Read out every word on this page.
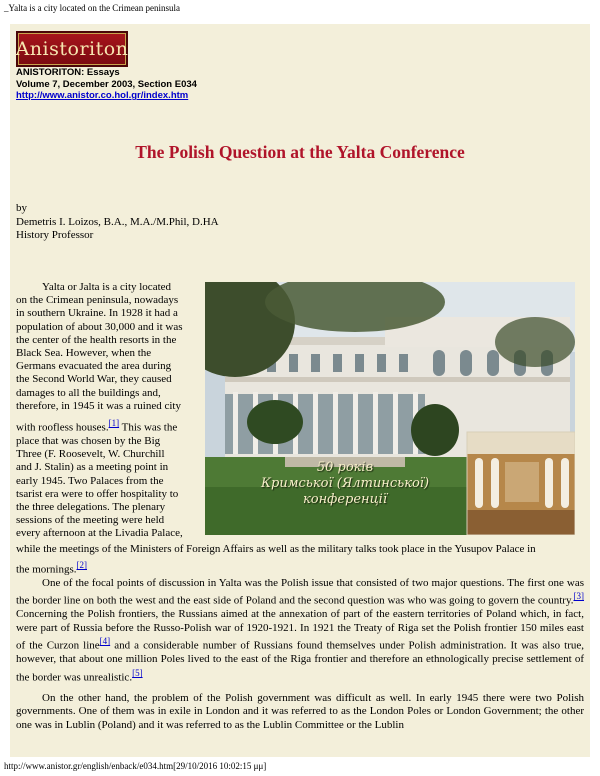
_Yalta is a city located on the Crimean peninsula
Anistoriton
ANISTORITON: Essays
Volume 7, December 2003, Section E034
http://www.anistor.co.hol.gr/index.htm
The Polish Question at the Yalta Conference
by
Demetris I. Loizos, B.A., M.A./M.Phil, D.HA
History Professor
50 років
Кримської (Ялтинської)
конференції
Yalta or Jalta is a city located
on the Crimean peninsula, nowadays
in southern Ukraine. In 1928 it had a
population of about 30,000 and it was
the center of the health resorts in the
Black Sea. However, when the
Germans evacuated the area during
the Second World War, they caused
damages to all the buildings and,
therefore, in 1945 it was a ruined city
with roofless houses.[1] This was the
place that was chosen by the Big
Three (F. Roosevelt, W. Churchill
and J. Stalin) as a meeting point in
early 1945. Two Palaces from the
tsarist era were to offer hospitality to
the three delegations. The plenary
sessions of the meeting were held
every afternoon at the Livadia Palace,
while the meetings of the Ministers of Foreign Affairs as well as the military talks took place in the Yusupov Palace in
the mornings.[2]
One of the focal points of discussion in Yalta was the Polish issue that consisted of two major questions. The first one was the border line on both the west and the east side of Poland and the second question was who was going to govern the country.[3] Concerning the Polish frontiers, the Russians aimed at the annexation of part of the eastern territories of Poland which, in fact, were part of Russia before the Russo-Polish war of 1920-1921. In 1921 the Treaty of Riga set the Polish frontier 150 miles east of the Curzon line[4] and a considerable number of Russians found themselves under Polish administration. It was also true, however, that about one million Poles lived to the east of the Riga frontier and therefore an ethnologically precise settlement of the border was unrealistic.[5]
On the other hand, the problem of the Polish government was difficult as well. In early 1945 there were two Polish governments. One of them was in exile in London and it was referred to as the London Poles or London Government; the other one was in Lublin (Poland) and it was referred to as the Lublin Committee or the Lublin
http://www.anistor.gr/english/enback/e034.htm[29/10/2016 10:02:15 μμ]
